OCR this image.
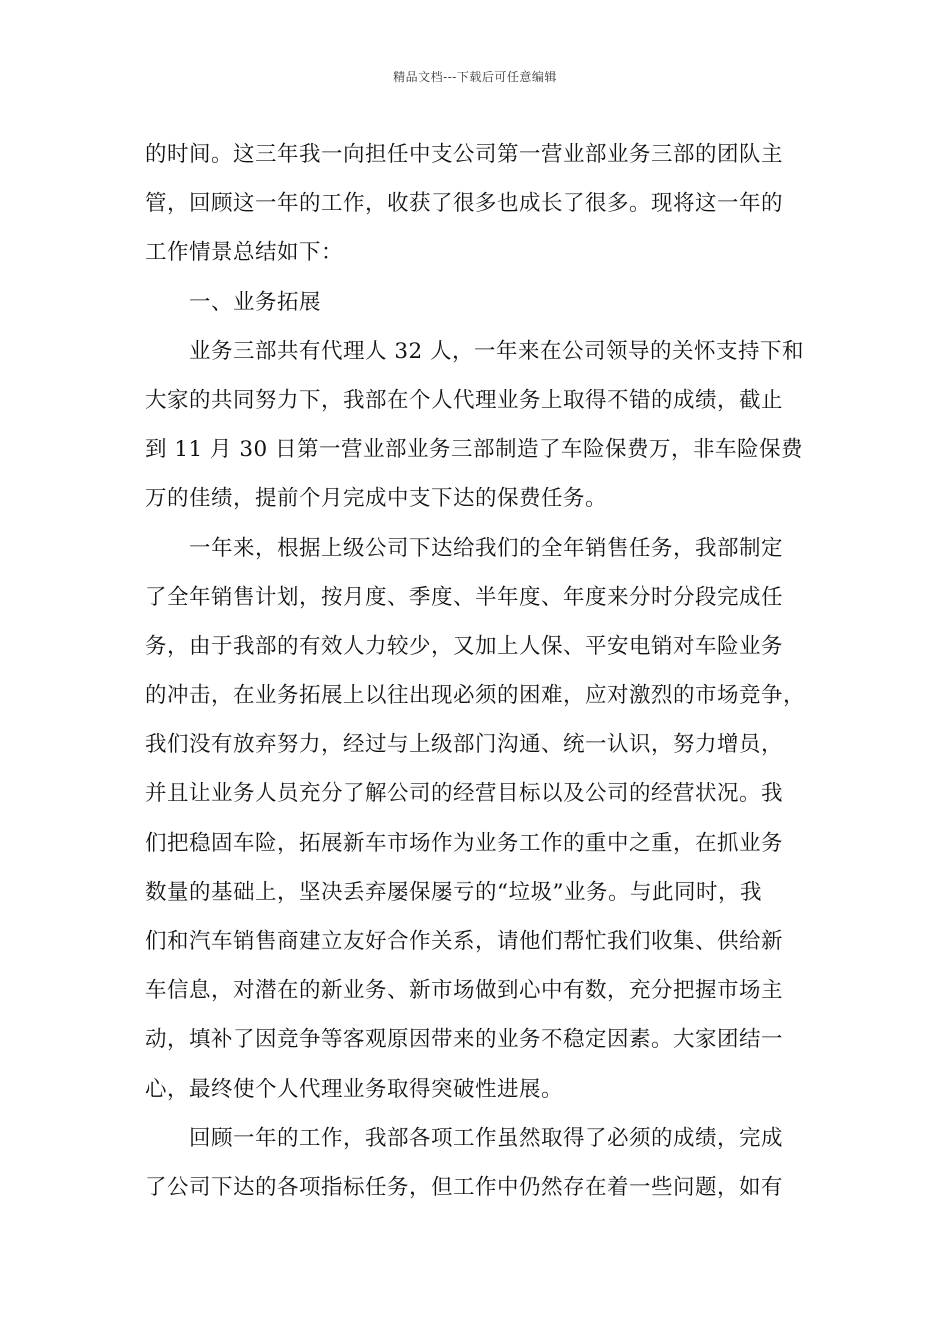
精品文档---下载后可任意编辑
的时间。这三年我一向担任中支公司第一营业部业务三部的团队主
管，回顾这一年的工作，收获了很多也成长了很多。现将这一年的
工作情景总结如下：
一、业务拓展
业务三部共有代理人 32 人，一年来在公司领导的关怀支持下和
大家的共同努力下，我部在个人代理业务上取得不错的成绩，截止
到 11 月 30 日第一营业部业务三部制造了车险保费万，非车险保费
万的佳绩，提前个月完成中支下达的保费任务。
一年来，根据上级公司下达给我们的全年销售任务，我部制定
了全年销售计划，按月度、季度、半年度、年度来分时分段完成任
务，由于我部的有效人力较少，又加上人保、平安电销对车险业务
的冲击，在业务拓展上以往出现必须的困难，应对激烈的市场竞争，
我们没有放弃努力，经过与上级部门沟通、统一认识，努力增员，
并且让业务人员充分了解公司的经营目标以及公司的经营状况。我
们把稳固车险，拓展新车市场作为业务工作的重中之重，在抓业务
数量的基础上，坚决丢弃屡保屡亏的“垃圾”业务。与此同时，我
们和汽车销售商建立友好合作关系，请他们帮忙我们收集、供给新
车信息，对潜在的新业务、新市场做到心中有数，充分把握市场主
动，填补了因竞争等客观原因带来的业务不稳定因素。大家团结一
心，最终使个人代理业务取得突破性进展。
回顾一年的工作，我部各项工作虽然取得了必须的成绩，完成
了公司下达的各项指标任务，但工作中仍然存在着一些问题，如有
